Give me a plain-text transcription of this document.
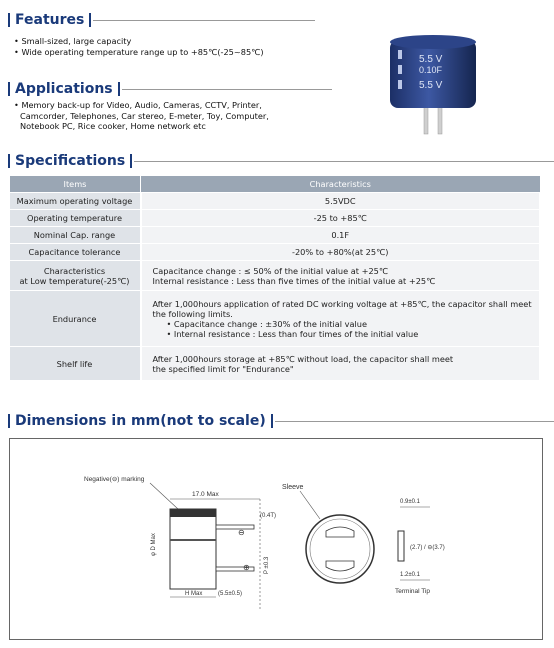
Features
• Small-sized, large capacity
• Wide operating temperature range up to +85℃(-25~85℃)
Applications
• Memory back-up for Video, Audio, Cameras, CCTV, Printer, Camcorder, Telephones, Car stereo, E-meter, Toy, Computer, Notebook PC, Rice cooker, Home network etc
5.5 V
0.10F
5.5 V
Specifications
Items	Characteristics
Maximum operating voltage	5.5VDC
Operating temperature	-25 to +85℃
Nominal Cap. range	0.1F
Capacitance tolerance	-20% to +80%(at 25℃)

Characteristics
at Low temperature(-25℃)	Capacitance change : ≤ 50% of the initial value at +25℃
Internal resistance : Less than five times of the initial value at +25℃

Endurance	After 1,000hours application of rated DC working voltage at +85℃, the capacitor shall meet
the following limits.
• Capacitance change : ±30% of the initial value
• Internal resistance : Less than four times of the initial value

Shelf life	After 1,000hours storage at +85℃ without load, the capacitor shall meet
the specified limit for "Endurance"
Dimensions in mm(not to scale)
Negative(⊖) marking
17.0 Max
(0.4T)
⊖
⊕
φ D Max
P ±0.3
H Max	(5.5±0.5)
Sleeve
0.9±0.1
(2.7) / ⊖(3.7)
1.2±0.1
Terminal Tip
